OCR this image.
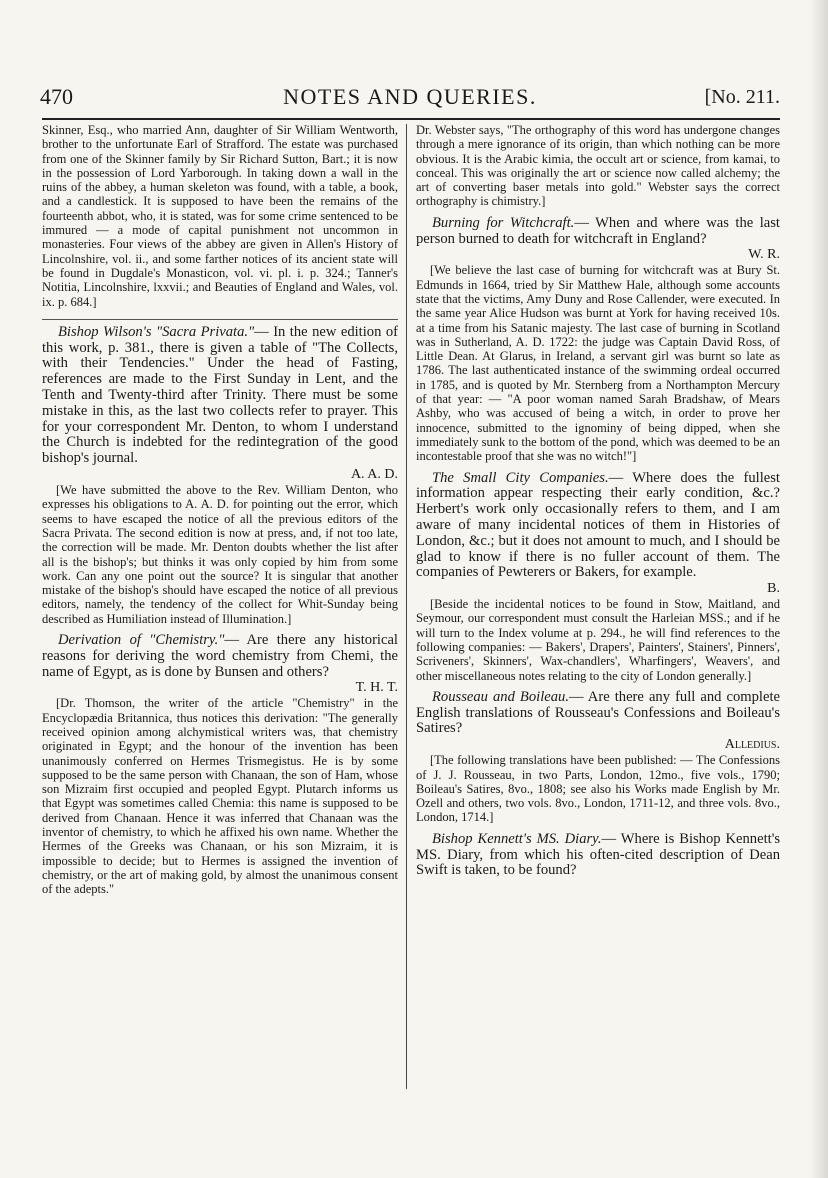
470	NOTES AND QUERIES.	[No. 211.

Skinner, Esq., who married Ann, daughter of Sir William Wentworth, brother to the unfortunate Earl of Strafford. The estate was purchased from one of the Skinner family by Sir Richard Sutton, Bart.; it is now in the possession of Lord Yarborough. In taking down a wall in the ruins of the abbey, a human skeleton was found, with a table, a book, and a candlestick. It is supposed to have been the remains of the fourteenth abbot, who, it is stated, was for some crime sentenced to be immured — a mode of capital punishment not uncommon in monasteries. Four views of the abbey are given in Allen's History of Lincolnshire, vol. ii., and some farther notices of its ancient state will be found in Dugdale's Monasticon, vol. vi. pl. i. p. 324.; Tanner's Notitia, Lincolnshire, lxxvii.; and Beauties of England and Wales, vol. ix. p. 684.]

Bishop Wilson's "Sacra Privata."— In the new edition of this work, p. 381., there is given a table of "The Collects, with their Tendencies." Under the head of Fasting, references are made to the First Sunday in Lent, and the Tenth and Twenty-third after Trinity. There must be some mistake in this, as the last two collects refer to prayer. This for your correspondent Mr. Denton, to whom I understand the Church is indebted for the redintegration of the good bishop's journal.

A. A. D.

[We have submitted the above to the Rev. William Denton, who expresses his obligations to A. A. D. for pointing out the error, which seems to have escaped the notice of all the previous editors of the Sacra Privata. The second edition is now at press, and, if not too late, the correction will be made. Mr. Denton doubts whether the list after all is the bishop's; but thinks it was only copied by him from some work. Can any one point out the source? It is singular that another mistake of the bishop's should have escaped the notice of all previous editors, namely, the tendency of the collect for Whit-Sunday being described as Humiliation instead of Illumination.]

Derivation of "Chemistry."— Are there any historical reasons for deriving the word chemistry from Chemi, the name of Egypt, as is done by Bunsen and others?

T. H. T.

[Dr. Thomson, the writer of the article "Chemistry" in the Encyclopædia Britannica, thus notices this derivation: "The generally received opinion among alchymistical writers was, that chemistry originated in Egypt; and the honour of the invention has been unanimously conferred on Hermes Trismegistus. He is by some supposed to be the same person with Chanaan, the son of Ham, whose son Mizraim first occupied and peopled Egypt. Plutarch informs us that Egypt was sometimes called Chemia: this name is supposed to be derived from Chanaan. Hence it was inferred that Chanaan was the inventor of chemistry, to which he affixed his own name. Whether the Hermes of the Greeks was Chanaan, or his son Mizraim, it is impossible to decide; but to Hermes is assigned the invention of chemistry, or the art of making gold, by almost the unanimous consent of the adepts."

Dr. Webster says, "The orthography of this word has undergone changes through a mere ignorance of its origin, than which nothing can be more obvious. It is the Arabic kimia, the occult art or science, from kamai, to conceal. This was originally the art or science now called alchemy; the art of converting baser metals into gold." Webster says the correct orthography is chimistry.]

Burning for Witchcraft.— When and where was the last person burned to death for witchcraft in England?

W. R.

[We believe the last case of burning for witchcraft was at Bury St. Edmunds in 1664, tried by Sir Matthew Hale, although some accounts state that the victims, Amy Duny and Rose Callender, were executed. In the same year Alice Hudson was burnt at York for having received 10s. at a time from his Satanic majesty. The last case of burning in Scotland was in Sutherland, A. D. 1722: the judge was Captain David Ross, of Little Dean. At Glarus, in Ireland, a servant girl was burnt so late as 1786. The last authenticated instance of the swimming ordeal occurred in 1785, and is quoted by Mr. Sternberg from a Northampton Mercury of that year: — "A poor woman named Sarah Bradshaw, of Mears Ashby, who was accused of being a witch, in order to prove her innocence, submitted to the ignominy of being dipped, when she immediately sunk to the bottom of the pond, which was deemed to be an incontestable proof that she was no witch!"]

The Small City Companies.— Where does the fullest information appear respecting their early condition, &c.? Herbert's work only occasionally refers to them, and I am aware of many incidental notices of them in Histories of London, &c.; but it does not amount to much, and I should be glad to know if there is no fuller account of them. The companies of Pewterers or Bakers, for example.

B.

[Beside the incidental notices to be found in Stow, Maitland, and Seymour, our correspondent must consult the Harleian MSS.; and if he will turn to the Index volume at p. 294., he will find references to the following companies: — Bakers', Drapers', Painters', Stainers', Pinners', Scriveners', Skinners', Wax-chandlers', Wharfingers', Weavers', and other miscellaneous notes relating to the city of London generally.]

Rousseau and Boileau.— Are there any full and complete English translations of Rousseau's Confessions and Boileau's Satires?

Alledius.

[The following translations have been published: — The Confessions of J. J. Rousseau, in two Parts, London, 12mo., five vols., 1790; Boileau's Satires, 8vo., 1808; see also his Works made English by Mr. Ozell and others, two vols. 8vo., London, 1711-12, and three vols. 8vo., London, 1714.]

Bishop Kennett's MS. Diary.— Where is Bishop Kennett's MS. Diary, from which his often-cited description of Dean Swift is taken, to be found?
